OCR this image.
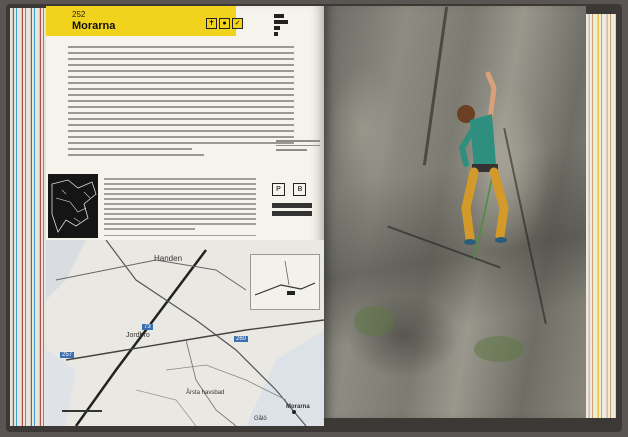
252
Morarna	✝	●	✓
P B
Handen
Jordbro
Årsta havsbad
Gålö
Morarna
73
257
260
